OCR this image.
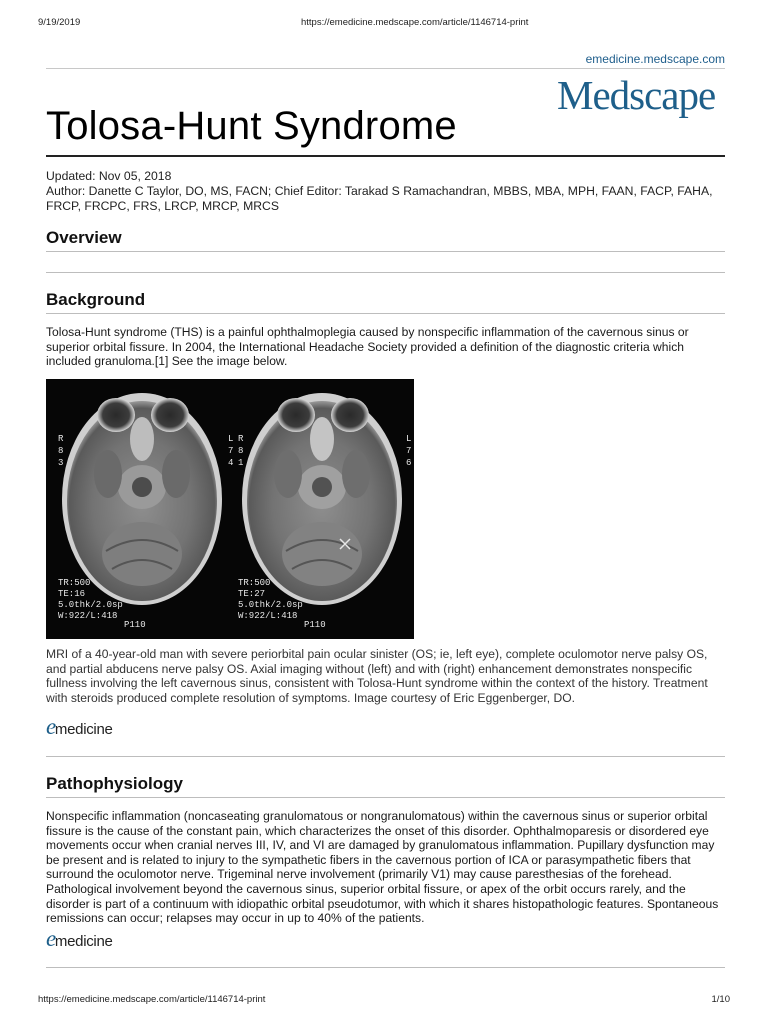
9/19/2019	https://emedicine.medscape.com/article/1146714-print
emedicine.medscape.com
Medscape
Tolosa-Hunt Syndrome
Updated: Nov 05, 2018
Author: Danette C Taylor, DO, MS, FACN; Chief Editor: Tarakad S Ramachandran, MBBS, MBA, MPH, FAAN, FACP, FAHA, FRCP, FRCPC, FRS, LRCP, MRCP, MRCS
Overview
Background

Tolosa-Hunt syndrome (THS) is a painful ophthalmoplegia caused by nonspecific inflammation of the cavernous sinus or superior orbital fissure. In 2004, the International Headache Society provided a definition of the diagnostic criteria which included granuloma.[1] See the image below.

R
8
3
L
7
4
TR:500
TE:16
5.0thk/2.0sp
W:922/L:418
P110
R
8
1
L
7
6
TR:500
TE:27
5.0thk/2.0sp
W:922/L:418
P110

MRI of a 40-year-old man with severe periorbital pain ocular sinister (OS; ie, left eye), complete oculomotor nerve palsy OS, and partial abducens nerve palsy OS. Axial imaging without (left) and with (right) enhancement demonstrates nonspecific fullness involving the left cavernous sinus, consistent with Tolosa-Hunt syndrome within the context of the history. Treatment with steroids produced complete resolution of symptoms. Image courtesy of Eric Eggenberger, DO.

emedicine
Pathophysiology

Nonspecific inflammation (noncaseating granulomatous or nongranulomatous) within the cavernous sinus or superior orbital fissure is the cause of the constant pain, which characterizes the onset of this disorder. Ophthalmoparesis or disordered eye movements occur when cranial nerves III, IV, and VI are damaged by granulomatous inflammation. Pupillary dysfunction may be present and is related to injury to the sympathetic fibers in the cavernous portion of ICA or parasympathetic fibers that surround the oculomotor nerve. Trigeminal nerve involvement (primarily V1) may cause paresthesias of the forehead. Pathological involvement beyond the cavernous sinus, superior orbital fissure, or apex of the orbit occurs rarely, and the disorder is part of a continuum with idiopathic orbital pseudotumor, with which it shares histopathologic features. Spontaneous remissions can occur; relapses may occur in up to 40% of the patients.

emedicine
https://emedicine.medscape.com/article/1146714-print	1/10
